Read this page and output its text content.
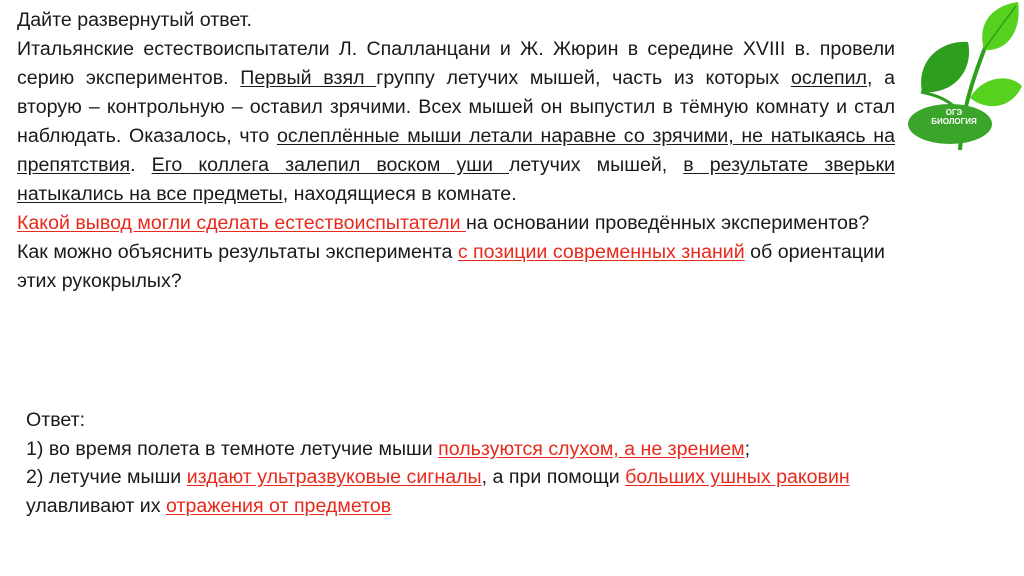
Дайте развернутый ответ.

Итальянские естествоиспытатели Л. Спалланцани и Ж. Жюрин в середине XVIII в. провели серию экспериментов. Первый взял группу летучих мышей, часть из которых ослепил, а вторую – контрольную – оставил зрячими. Всех мышей он выпустил в тёмную комнату и стал наблюдать. Оказалось, что ослеплённые мыши летали наравне со зрячими, не натыкаясь на препятствия. Его коллега залепил воском уши летучих мышей, в результате зверьки натыкались на все предметы, находящиеся в комнате.

Какой вывод могли сделать естествоиспытатели на основании проведённых экспериментов?

Как можно объяснить результаты эксперимента с позиции современных знаний об ориентации этих рукокрылых?

Ответ:

1) во время полета в темноте летучие мыши пользуются слухом, а не зрением;

2) летучие мыши издают ультразвуковые сигналы, а при помощи больших ушных раковин улавливают их отражения от предметов

ОГЭ
БИОЛОГИЯ
